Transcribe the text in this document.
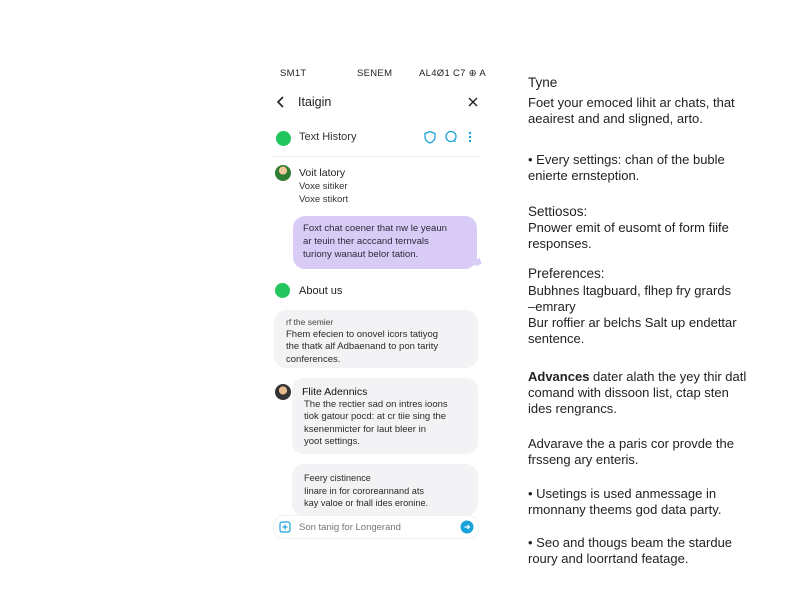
SM1T	SENEM	AL4Ø1 C7 ⊕ A
Itaigin
Text History
Voit latory
Voxe sitiker
Voxe stikort
Foxt chat coener that nw le yeaun
ar teuin ther acccand ternvals
turiony wanaut belor tation.
About us
rf the semier
Fhem efecien to onovel icors tatiyog
the thatk alf Adbaenand to pon tarity
conferences.
Flite Adennics
The the rectier sad on intres ioons
tiok gatour pocd: at cr tiie sing the
ksenenmicter for laut bleer in
yoot settings.
Feery cistinence
Iinare in for cororeannand ats
kay valoe or fnall ides eronine.
Son tanig for Longerand

Tyne

Foet your emoced lihit ar chats, that

aeairest and and sligned, arto.

• Every settings: chan of the buble

enierte ernsteption.

Settiosos:

Pnower emit of eusomt of form fiife

responses.

Preferences:

Bubhnes ltagbuard, flhep fry grards

–emrary

Bur roffier ar belchs Salt up endettar

sentence.

Advances dater alath the yey thir datl

comand with dissoon list, ctap sten

ides rengrancs.

Advarave the a paris cor provde the

frsseng ary enteris.

• Usetings is used anmessage in

rmonnany theems god data party.

• Seo and thougs beam the stardue

roury and loorrtand featage.
